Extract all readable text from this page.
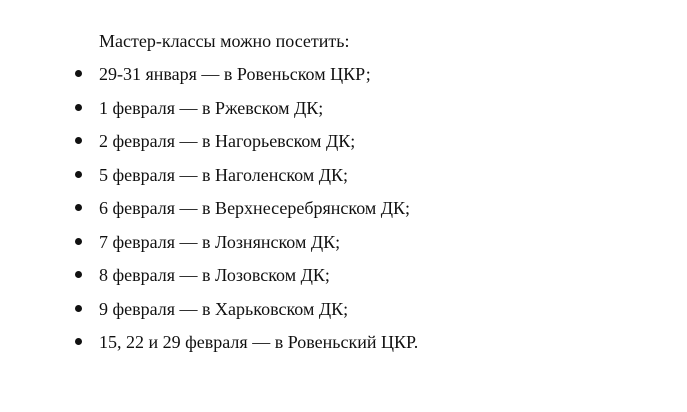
Мастер-классы можно посетить:
29-31 января — в Ровеньском ЦКР;
1 февраля — в Ржевском ДК;
2 февраля — в Нагорьевском ДК;
5 февраля — в Наголенском ДК;
6 февраля — в Верхнесеребрянском ДК;
7 февраля — в Лознянском ДК;
8 февраля — в Лозовском ДК;
9 февраля — в Харьковском ДК;
15, 22 и 29 февраля — в Ровеньский ЦКР.
